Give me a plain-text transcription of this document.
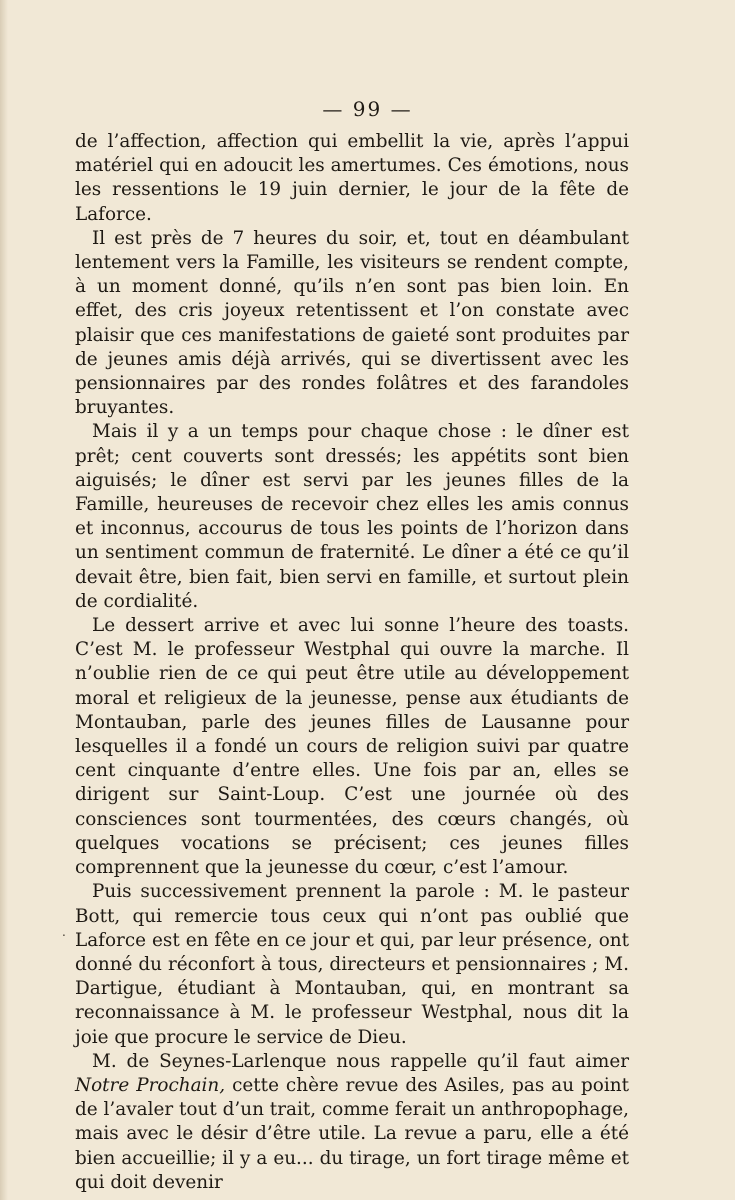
— 99 —

de l’affection, affection qui embellit la vie, après l’appui matériel qui en adoucit les amertumes. Ces émotions, nous les ressentions le 19 juin dernier, le jour de la fête de Laforce.

Il est près de 7 heures du soir, et, tout en déambulant lentement vers la Famille, les visiteurs se rendent compte, à un moment donné, qu’ils n’en sont pas bien loin. En effet, des cris joyeux retentissent et l’on constate avec plaisir que ces manifestations de gaieté sont produites par de jeunes amis déjà arrivés, qui se divertissent avec les pensionnaires par des rondes folâtres et des farandoles bruyantes.

Mais il y a un temps pour chaque chose : le dîner est prêt; cent couverts sont dressés; les appétits sont bien aiguisés; le dîner est servi par les jeunes filles de la Famille, heureuses de recevoir chez elles les amis connus et inconnus, accourus de tous les points de l’horizon dans un sentiment commun de fraternité. Le dîner a été ce qu’il devait être, bien fait, bien servi en famille, et surtout plein de cordialité.

Le dessert arrive et avec lui sonne l’heure des toasts. C’est M. le professeur Westphal qui ouvre la marche. Il n’oublie rien de ce qui peut être utile au développement moral et religieux de la jeunesse, pense aux étudiants de Montauban, parle des jeunes filles de Lausanne pour lesquelles il a fondé un cours de religion suivi par quatre cent cinquante d’entre elles. Une fois par an, elles se dirigent sur Saint-Loup. C’est une journée où des consciences sont tourmentées, des cœurs changés, où quelques vocations se précisent; ces jeunes filles comprennent que la jeunesse du cœur, c’est l’amour.

Puis successivement prennent la parole : M. le pasteur Bott, qui remercie tous ceux qui n’ont pas oublié que Laforce est en fête en ce jour et qui, par leur présence, ont donné du réconfort à tous, directeurs et pensionnaires ; M. Dartigue, étudiant à Montauban, qui, en montrant sa reconnaissance à M. le professeur Westphal, nous dit la joie que procure le service de Dieu.

M. de Seynes-Larlenque nous rappelle qu’il faut aimer Notre Prochain, cette chère revue des Asiles, pas au point de l’avaler tout d’un trait, comme ferait un anthropophage, mais avec le désir d’être utile. La revue a paru, elle a été bien accueillie; il y a eu... du tirage, un fort tirage même et qui doit devenir

.
